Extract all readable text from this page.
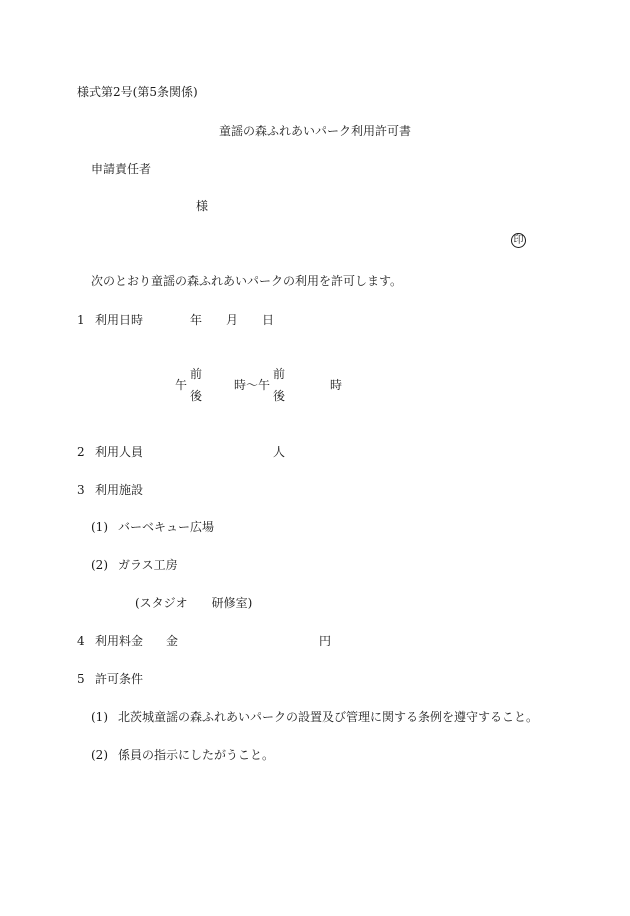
様式第2号(第5条関係)
童謡の森ふれあいパーク利用許可書
申請責任者
様
印
次のとおり童謡の森ふれあいパークの利用を許可します。
1 利用日時	年 月 日
午
前
後
時〜午
前
後
時
2 利用人員	人
3 利用施設
(1) バーベキュー広場
(2) ガラス工房
(スタジオ　　研修室)
4 利用料金 金	円
5 許可条件
(1) 北茨城童謡の森ふれあいパークの設置及び管理に関する条例を遵守すること。
(2) 係員の指示にしたがうこと。
